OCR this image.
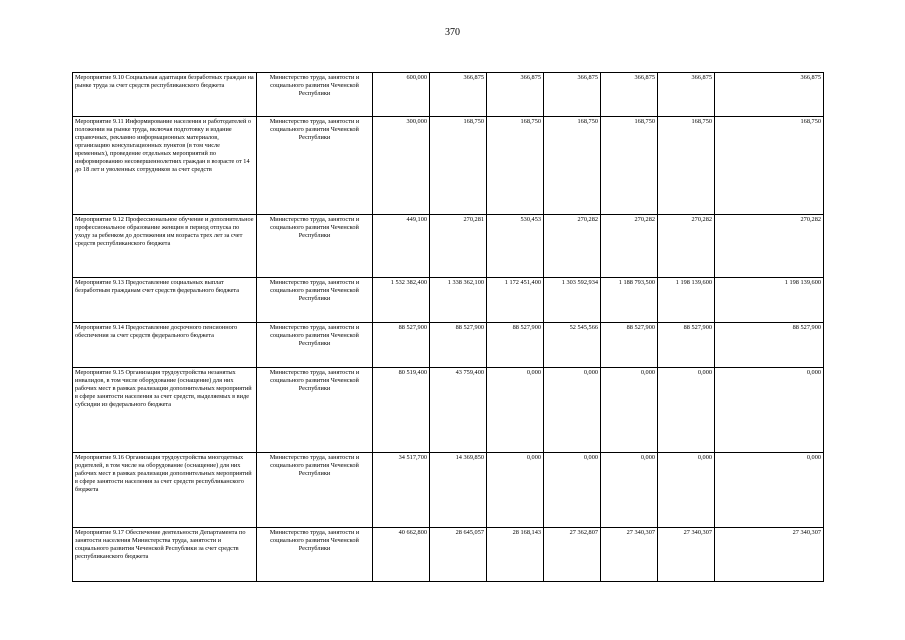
370
Мероприятие 9.10 Социальная адаптация безработных граждан на рынке труда за счет средств республиканского бюджета	Министерство труда, занятости и социального развития Чеченской Республики	600,000	366,875	366,875	366,875	366,875	366,875	366,875
Мероприятие 9.11 Информирование населения и работодателей о положении на рынке труда, включая подготовку и издание справочных, рекламно информационных материалов, организацию консультационных пунктов (в том числе временных), проведение отдельных мероприятий по информированию несовершеннолетних граждан в возрасте от 14 до 18 лет и уволенных сотрудников за счет средств	Министерство труда, занятости и социального развития Чеченской Республики	300,000	168,750	168,750	168,750	168,750	168,750	168,750
Мероприятие 9.12 Профессиональное обучение и дополнительное профессиональное образование женщин в период отпуска по уходу за ребенком до достижения им возраста трех лет за счет средств республиканского бюджета	Министерство труда, занятости и социального развития Чеченской Республики	449,100	270,281	530,453	270,282	270,282	270,282	270,282
Мероприятие 9.13 Предоставление социальных выплат безработным гражданам счет средств федерального бюджета	Министерство труда, занятости и социального развития Чеченской Республики	1 532 382,400	1 338 362,100	1 172 451,400	1 303 592,934	1 188 793,500	1 198 139,600	1 198 139,600
Мероприятие 9.14 Предоставление досрочного пенсионного обеспечения за счет средств федерального бюджета	Министерство труда, занятости и социального развития Чеченской Республики	88 527,900	88 527,900	88 527,900	52 545,566	88 527,900	88 527,900	88 527,900
Мероприятие 9.15 Организация трудоустройства незанятых инвалидов, в том числе оборудование (оснащение) для них рабочих мест в рамках реализации дополнительных мероприятий в сфере занятости населения за счет средств, выделяемых в виде субсидии из федерального бюджета	Министерство труда, занятости и социального развития Чеченской Республики	80 519,400	43 759,400	0,000	0,000	0,000	0,000	0,000
Мероприятие 9.16 Организация трудоустройства многодетных родителей, в том числе на оборудование (оснащение) для них рабочих мест в рамках реализации дополнительных мероприятий в сфере занятости населения за счет средств республиканского бюджета	Министерство труда, занятости и социального развития Чеченской Республики	34 517,700	14 369,850	0,000	0,000	0,000	0,000	0,000
Мероприятие 9.17 Обеспечение деятельности Департамента по занятости населения Министерства труда, занятости и социального развития Чеченской Республики за счет средств республиканского бюджета	Министерство труда, занятости и социального развития Чеченской Республики	40 662,800	28 645,057	28 168,143	27 362,807	27 340,307	27 340,307	27 340,307
